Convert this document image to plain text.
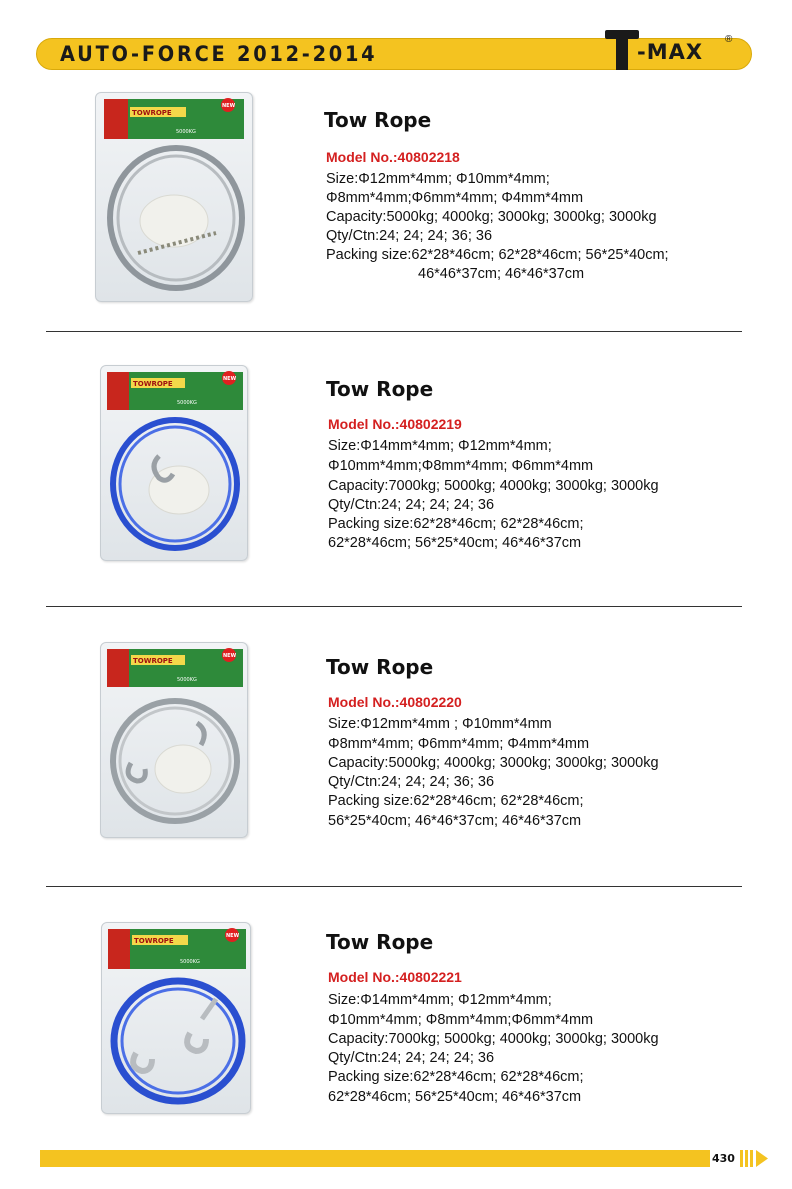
AUTO-FORCE 2012-2014	-MAX
®
TOWROPE
5000KG
NEW
Tow Rope
Model No.:40802218
Size:Φ12mm*4mm; Φ10mm*4mm;
Φ8mm*4mm;Φ6mm*4mm; Φ4mm*4mm
Capacity:5000kg; 4000kg; 3000kg; 3000kg; 3000kg
Qty/Ctn:24; 24; 24; 36; 36
Packing size:62*28*46cm; 62*28*46cm; 56*25*40cm;
46*46*37cm; 46*46*37cm
TOWROPE
5000KG
NEW	Tow Rope
Model No.:40802219
Size:Φ14mm*4mm; Φ12mm*4mm;
Φ10mm*4mm;Φ8mm*4mm; Φ6mm*4mm
Capacity:7000kg; 5000kg; 4000kg; 3000kg; 3000kg
Qty/Ctn:24; 24; 24; 24; 36
Packing size:62*28*46cm; 62*28*46cm;
62*28*46cm; 56*25*40cm; 46*46*37cm
TOWROPE
5000KG
NEW	Tow Rope
Model No.:40802220
Size:Φ12mm*4mm ; Φ10mm*4mm
Φ8mm*4mm; Φ6mm*4mm; Φ4mm*4mm
Capacity:5000kg; 4000kg; 3000kg; 3000kg; 3000kg
Qty/Ctn:24; 24; 24; 36; 36
Packing size:62*28*46cm; 62*28*46cm;
56*25*40cm; 46*46*37cm; 46*46*37cm
TOWROPE
5000KG
NEW	Tow Rope
Model No.:40802221
Size:Φ14mm*4mm; Φ12mm*4mm;
Φ10mm*4mm; Φ8mm*4mm;Φ6mm*4mm
Capacity:7000kg; 5000kg; 4000kg; 3000kg; 3000kg
Qty/Ctn:24; 24; 24; 24; 36
Packing size:62*28*46cm; 62*28*46cm;
62*28*46cm; 56*25*40cm; 46*46*37cm
430
